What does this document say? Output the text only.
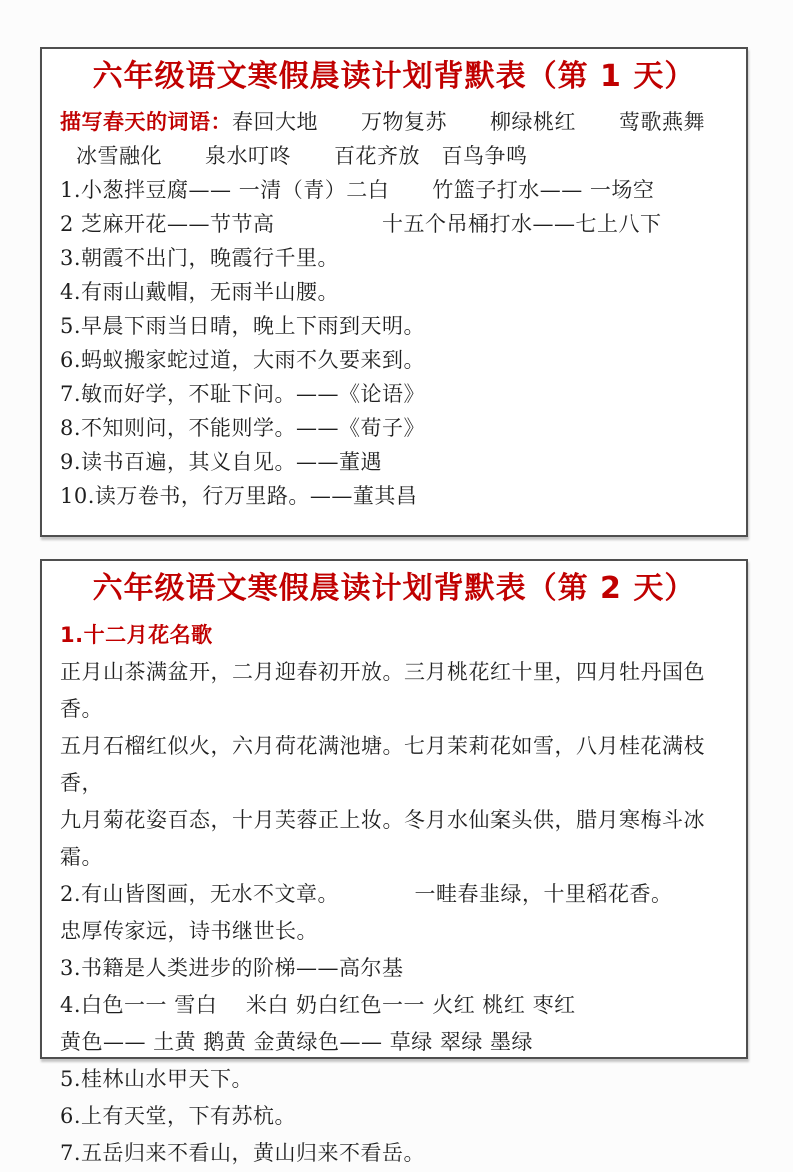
六年级语文寒假晨读计划背默表（第 1 天）

描写春天的词语：春回大地　　万物复苏　　柳绿桃红　　莺歌燕舞

冰雪融化　　泉水叮咚　　百花齐放　百鸟争鸣

1.小葱拌豆腐—— 一清（青）二白　　竹篮子打水—— 一场空

2 芝麻开花——节节高　　　　　十五个吊桶打水——七上八下

3.朝霞不出门，晚霞行千里。

4.有雨山戴帽，无雨半山腰。

5.早晨下雨当日晴，晚上下雨到天明。

6.蚂蚁搬家蛇过道，大雨不久要来到。

7.敏而好学，不耻下问。——《论语》

8.不知则问，不能则学。——《荀子》

9.读书百遍，其义自见。——董遇

10.读万卷书，行万里路。——董其昌

六年级语文寒假晨读计划背默表（第 2 天）

1.十二月花名歌

正月山茶满盆开，二月迎春初开放。三月桃花红十里，四月牡丹国色香。

五月石榴红似火，六月荷花满池塘。七月茉莉花如雪，八月桂花满枝香，

九月菊花姿百态，十月芙蓉正上妆。冬月水仙案头供，腊月寒梅斗冰霜。

2.有山皆图画，无水不文章。　　　　一畦春韭绿，十里稻花香。

忠厚传家远，诗书继世长。

3.书籍是人类进步的阶梯——高尔基

4.白色一一 雪白　 米白 奶白红色一一 火红 桃红 枣红

黄色—— 土黄 鹅黄 金黄绿色—— 草绿 翠绿 墨绿

5.桂林山水甲天下。

6.上有天堂，下有苏杭。

7.五岳归来不看山，黄山归来不看岳。
